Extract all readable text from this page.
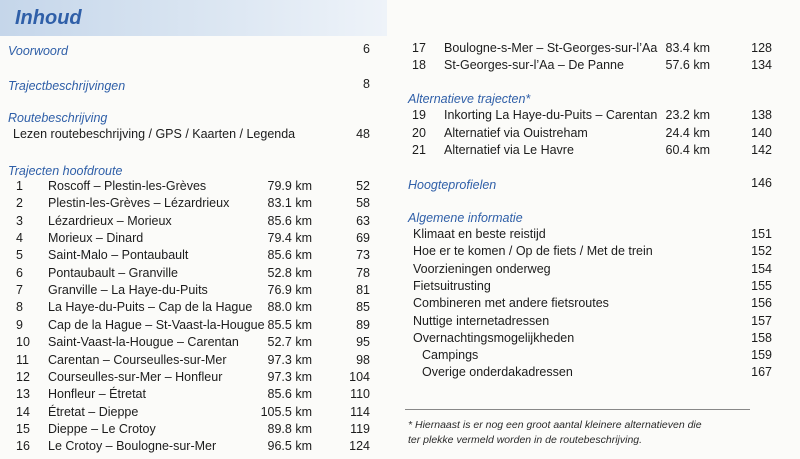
Inhoud
Voorwoord	6
Trajectbeschrijvingen	8
Routebeschrijving
Lezen routebeschrijving / GPS / Kaarten / Legenda	48
Trajecten hoofdroute
1 Roscoff – Plestin-les-Grèves	79.9 km	52
2 Plestin-les-Grèves – Lézardrieux	83.1 km	58
3 Lézardrieux – Morieux	85.6 km	63
4 Morieux – Dinard	79.4 km	69
5 Saint-Malo – Pontaubault	85.6 km	73
6 Pontaubault – Granville	52.8 km	78
7 Granville – La Haye-du-Puits	76.9 km	81
8 La Haye-du-Puits – Cap de la Hague	88.0 km	85
9 Cap de la Hague – St-Vaast-la-Hougue 85.5 km	89
10 Saint-Vaast-la-Hougue – Carentan	52.7 km	95
11 Carentan – Courseulles-sur-Mer	97.3 km	98
12 Courseulles-sur-Mer – Honfleur	97.3 km	104
13 Honfleur – Étretat	85.6 km	110
14 Étretat – Dieppe	105.5 km	114
15 Dieppe – Le Crotoy	89.8 km	119
16 Le Crotoy – Boulogne-sur-Mer	96.5 km	124
17 Boulogne-s-Mer – St-Georges-sur-l’Aa 83.4 km	128
18 St-Georges-sur-l’Aa – De Panne	57.6 km	134
Alternatieve trajecten*
19 Inkorting La Haye-du-Puits – Carentan 23.2 km	138
20 Alternatief via Ouistreham	24.4 km	140
21 Alternatief via Le Havre	60.4 km	142
Hoogteprofielen	146
Algemene informatie
Klimaat en beste reistijd	151
Hoe er te komen / Op de fiets / Met de trein	152
Voorzieningen onderweg	154
Fietsuitrusting	155
Combineren met andere fietsroutes	156
Nuttige internetadressen	157
Overnachtingsmogelijkheden	158
Campings	159
Overige onderdakadressen	167
* Hiernaast is er nog een groot aantal kleinere alternatieven die
ter plekke vermeld worden in de routebeschrijving.
